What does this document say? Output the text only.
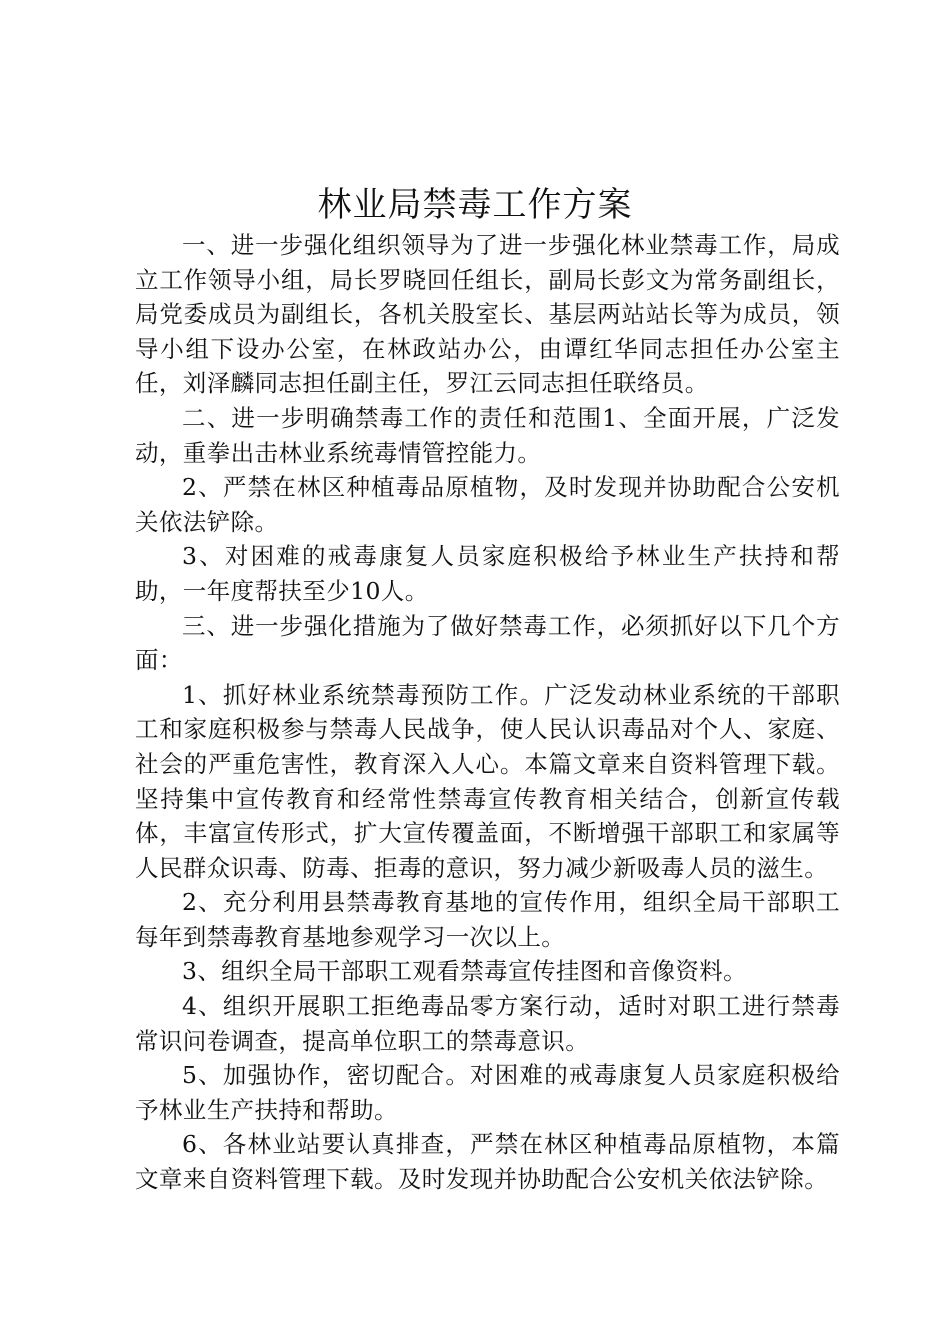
林业局禁毒工作方案

一、进一步强化组织领导为了进一步强化林业禁毒工作，局成立工作领导小组，局长罗晓回任组长，副局长彭文为常务副组长，局党委成员为副组长，各机关股室长、基层两站站长等为成员，领导小组下设办公室，在林政站办公，由谭红华同志担任办公室主任，刘泽麟同志担任副主任，罗江云同志担任联络员。

二、进一步明确禁毒工作的责任和范围1、全面开展，广泛发动，重拳出击林业系统毒情管控能力。

2、严禁在林区种植毒品原植物，及时发现并协助配合公安机关依法铲除。

3、对困难的戒毒康复人员家庭积极给予林业生产扶持和帮助，一年度帮扶至少10人。

三、进一步强化措施为了做好禁毒工作，必须抓好以下几个方面：

1、抓好林业系统禁毒预防工作。广泛发动林业系统的干部职工和家庭积极参与禁毒人民战争，使人民认识毒品对个人、家庭、社会的严重危害性，教育深入人心。本篇文章来自资料管理下载。坚持集中宣传教育和经常性禁毒宣传教育相关结合，创新宣传载体，丰富宣传形式，扩大宣传覆盖面，不断增强干部职工和家属等人民群众识毒、防毒、拒毒的意识，努力减少新吸毒人员的滋生。

2、充分利用县禁毒教育基地的宣传作用，组织全局干部职工每年到禁毒教育基地参观学习一次以上。

3、组织全局干部职工观看禁毒宣传挂图和音像资料。

4、组织开展职工拒绝毒品零方案行动，适时对职工进行禁毒常识问卷调查，提高单位职工的禁毒意识。

5、加强协作，密切配合。对困难的戒毒康复人员家庭积极给予林业生产扶持和帮助。

6、各林业站要认真排查，严禁在林区种植毒品原植物，本篇文章来自资料管理下载。及时发现并协助配合公安机关依法铲除。
